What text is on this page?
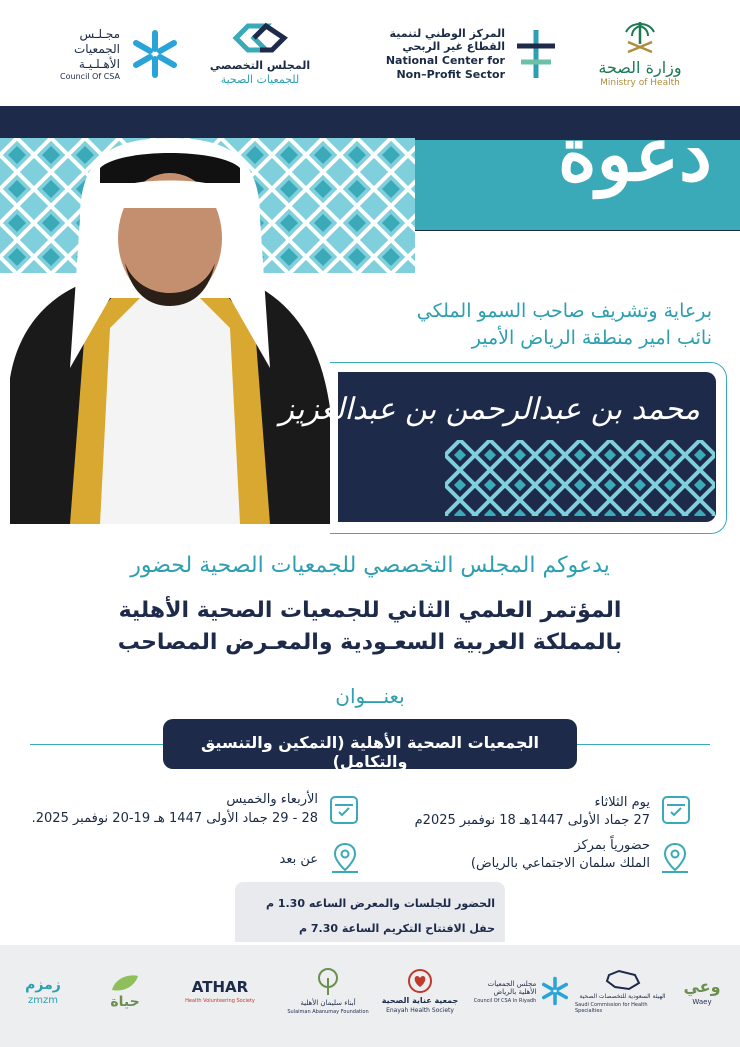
وزارة الصحة
Ministry of Health
المركز الوطني لتنمية
القطاع غير الربحي
National Center for
Non–Profit Sector
المجلس التخصصي
للجمعيات الصحية
مجـلـس
الجمعيات
الأهـلـيـة
Council Of CSA
دعوة
برعاية وتشريف صاحب السمو الملكي
نائب امير منطقة الرياض الأمير
محمد بن عبدالرحمن بن عبدالعزيز
يدعوكم المجلس التخصصي للجمعيات الصحية لحضور
المؤتمر العلمي الثاني للجمعيات الصحية الأهلية
بالمملكة العربية السعـودية والمعـرض المصاحب
بعنـــوان
الجمعيات الصحية الأهلية (التمكين والتنسيق والتكامل)
يوم الثلاثاء
27 جماد الأولى 1447هـ 18 نوفمبر 2025م
حضورياً بمركز
الملك سلمان الاجتماعي بالرياض)
الأربعاء والخميس
28 - 29 جماد الأولى 1447 هـ 19-20 نوفمبر 2025.
عن بعد
الحضور للجلسات والمعرض الساعه 1.30 م
حفل الافتتاح التكريم الساعة 7.30 م
وعي
Waey
الهيئة السعودية للتخصصات الصحية
Saudi Commission for Health Specialties
مجلس الجمعيات الأهلية بالرياض
Council Of CSA In Riyadh
جمعية عناية الصحية
Enayah Health Society
أبناء سليمان الأهلية
Sulaiman Abanumay Foundation
ATHAR
Health Volunteering Society
حياة
زمزم
zmzm
